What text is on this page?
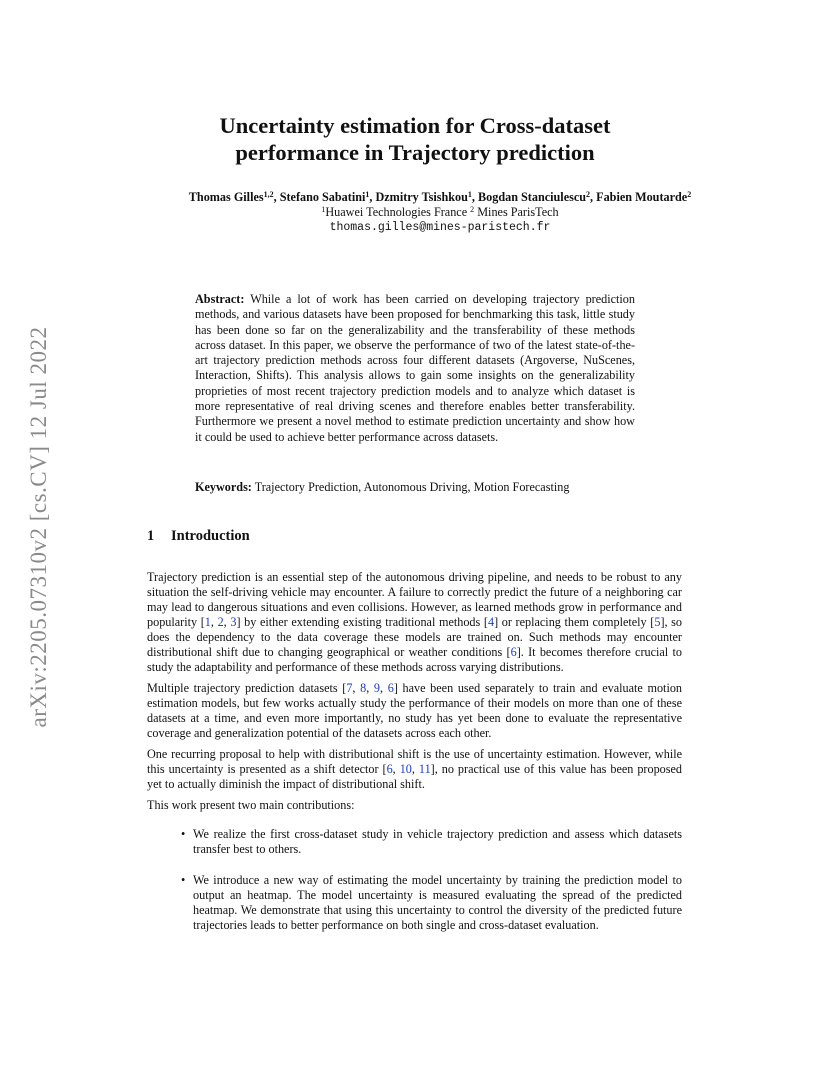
arXiv:2205.07310v2 [cs.CV] 12 Jul 2022
Uncertainty estimation for Cross-dataset
performance in Trajectory prediction
Thomas Gilles$^{1,2}$, Stefano Sabatini$^1$, Dzmitry Tsishkou$^1$, Bogdan Stanciulescu$^2$, Fabien Moutarde$^2$
$^1$Huawei Technologies France $^2$ Mines ParisTech
thomas.gilles@mines-paristech.fr
Abstract: While a lot of work has been carried on developing trajectory prediction methods, and various datasets have been proposed for benchmarking this task, little study has been done so far on the generalizability and the transferability of these methods across dataset. In this paper, we observe the performance of two of the latest state-of-the-art trajectory prediction methods across four different datasets (Argoverse, NuScenes, Interaction, Shifts). This analysis allows to gain some insights on the generalizability proprieties of most recent trajectory prediction models and to analyze which dataset is more representative of real driving scenes and therefore enables better transferability. Furthermore we present a novel method to estimate prediction uncertainty and show how it could be used to achieve better performance across datasets.
Keywords: Trajectory Prediction, Autonomous Driving, Motion Forecasting
1 Introduction

Trajectory prediction is an essential step of the autonomous driving pipeline, and needs to be robust to any situation the self-driving vehicle may encounter. A failure to correctly predict the future of a neighboring car may lead to dangerous situations and even collisions. However, as learned methods grow in performance and popularity [1, 2, 3] by either extending existing traditional methods [4] or replacing them completely [5], so does the dependency to the data coverage these models are trained on. Such methods may encounter distributional shift due to changing geographical or weather conditions [6]. It becomes therefore crucial to study the adaptability and performance of these methods across varying distributions.

Multiple trajectory prediction datasets [7, 8, 9, 6] have been used separately to train and evaluate motion estimation models, but few works actually study the performance of their models on more than one of these datasets at a time, and even more importantly, no study has yet been done to evaluate the representative coverage and generalization potential of the datasets across each other.

One recurring proposal to help with distributional shift is the use of uncertainty estimation. However, while this uncertainty is presented as a shift detector [6, 10, 11], no practical use of this value has been proposed yet to actually diminish the impact of distributional shift.

This work present two main contributions:

• We realize the first cross-dataset study in vehicle trajectory prediction and assess which datasets transfer best to others.
• We introduce a new way of estimating the model uncertainty by training the prediction model to output an heatmap. The model uncertainty is measured evaluating the spread of the predicted heatmap. We demonstrate that using this uncertainty to control the diversity of the predicted future trajectories leads to better performance on both single and cross-dataset evaluation.
